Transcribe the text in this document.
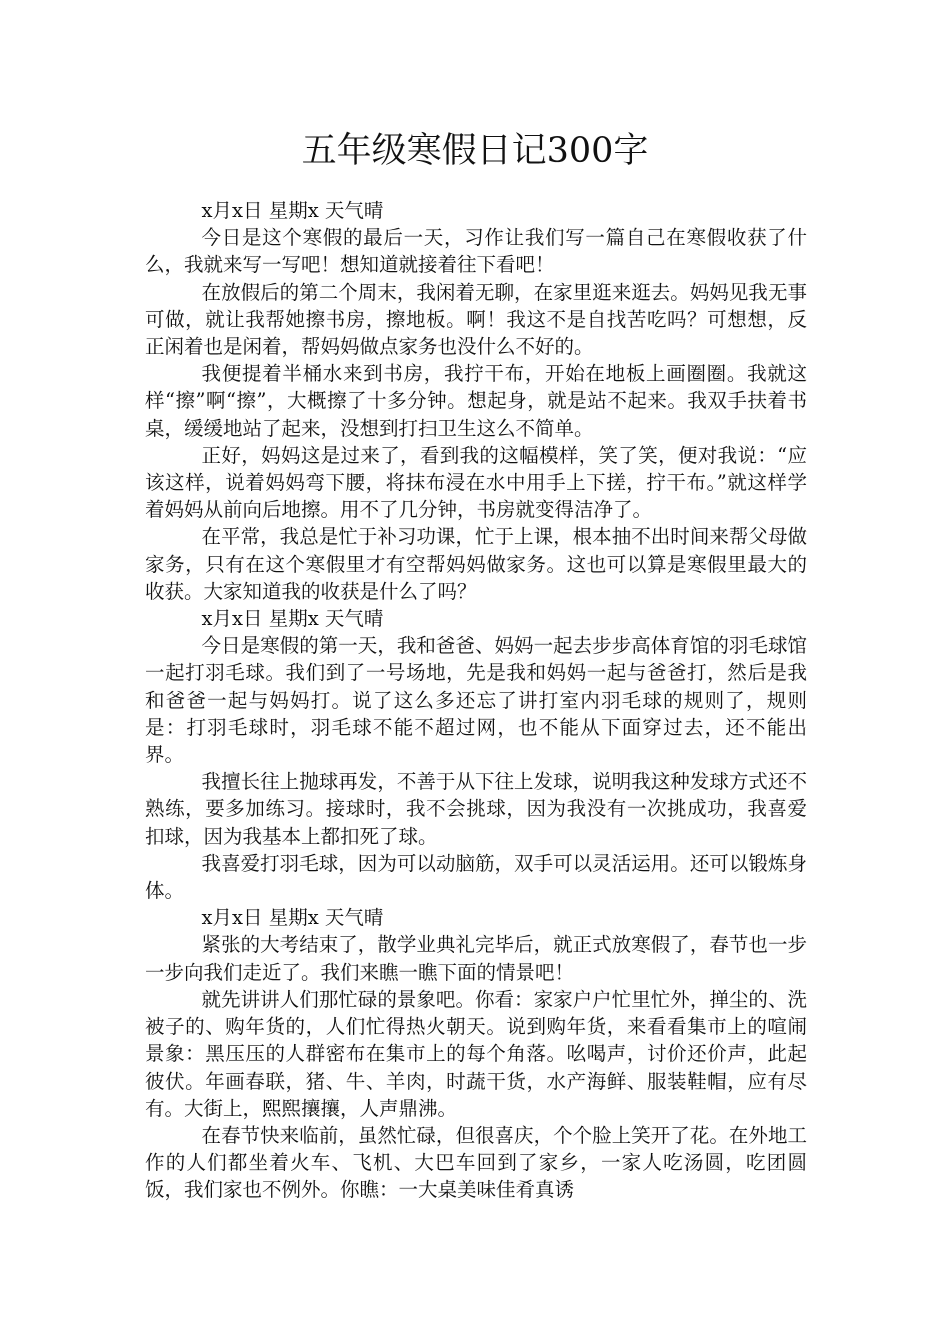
五年级寒假日记300字

x月x日 星期x 天气晴

今日是这个寒假的最后一天，习作让我们写一篇自己在寒假收获了什么，我就来写一写吧！想知道就接着往下看吧！

在放假后的第二个周末，我闲着无聊，在家里逛来逛去。妈妈见我无事可做，就让我帮她擦书房，擦地板。啊！我这不是自找苦吃吗？可想想，反正闲着也是闲着，帮妈妈做点家务也没什么不好的。

我便提着半桶水来到书房，我拧干布，开始在地板上画圈圈。我就这样“擦”啊“擦”，大概擦了十多分钟。想起身，就是站不起来。我双手扶着书桌，缓缓地站了起来，没想到打扫卫生这么不简单。

正好，妈妈这是过来了，看到我的这幅模样，笑了笑，便对我说：“应该这样，说着妈妈弯下腰，将抹布浸在水中用手上下搓，拧干布。”就这样学着妈妈从前向后地擦。用不了几分钟，书房就变得洁净了。

在平常，我总是忙于补习功课，忙于上课，根本抽不出时间来帮父母做家务，只有在这个寒假里才有空帮妈妈做家务。这也可以算是寒假里最大的收获。大家知道我的收获是什么了吗？

x月x日 星期x 天气晴

今日是寒假的第一天，我和爸爸、妈妈一起去步步高体育馆的羽毛球馆一起打羽毛球。我们到了一号场地，先是我和妈妈一起与爸爸打，然后是我和爸爸一起与妈妈打。说了这么多还忘了讲打室内羽毛球的规则了，规则是：打羽毛球时，羽毛球不能不超过网，也不能从下面穿过去，还不能出界。

我擅长往上抛球再发，不善于从下往上发球，说明我这种发球方式还不熟练，要多加练习。接球时，我不会挑球，因为我没有一次挑成功，我喜爱扣球，因为我基本上都扣死了球。

我喜爱打羽毛球，因为可以动脑筋，双手可以灵活运用。还可以锻炼身体。

x月x日 星期x 天气晴

紧张的大考结束了，散学业典礼完毕后，就正式放寒假了，春节也一步一步向我们走近了。我们来瞧一瞧下面的情景吧！

就先讲讲人们那忙碌的景象吧。你看：家家户户忙里忙外，掸尘的、洗被子的、购年货的，人们忙得热火朝天。说到购年货，来看看集市上的喧闹景象：黑压压的人群密布在集市上的每个角落。吆喝声，讨价还价声，此起彼伏。年画春联，猪、牛、羊肉，时蔬干货，水产海鲜、服装鞋帽，应有尽有。大街上，熙熙攘攘，人声鼎沸。

在春节快来临前，虽然忙碌，但很喜庆，个个脸上笑开了花。在外地工作的人们都坐着火车、飞机、大巴车回到了家乡，一家人吃汤圆，吃团圆饭，我们家也不例外。你瞧：一大桌美味佳肴真诱
